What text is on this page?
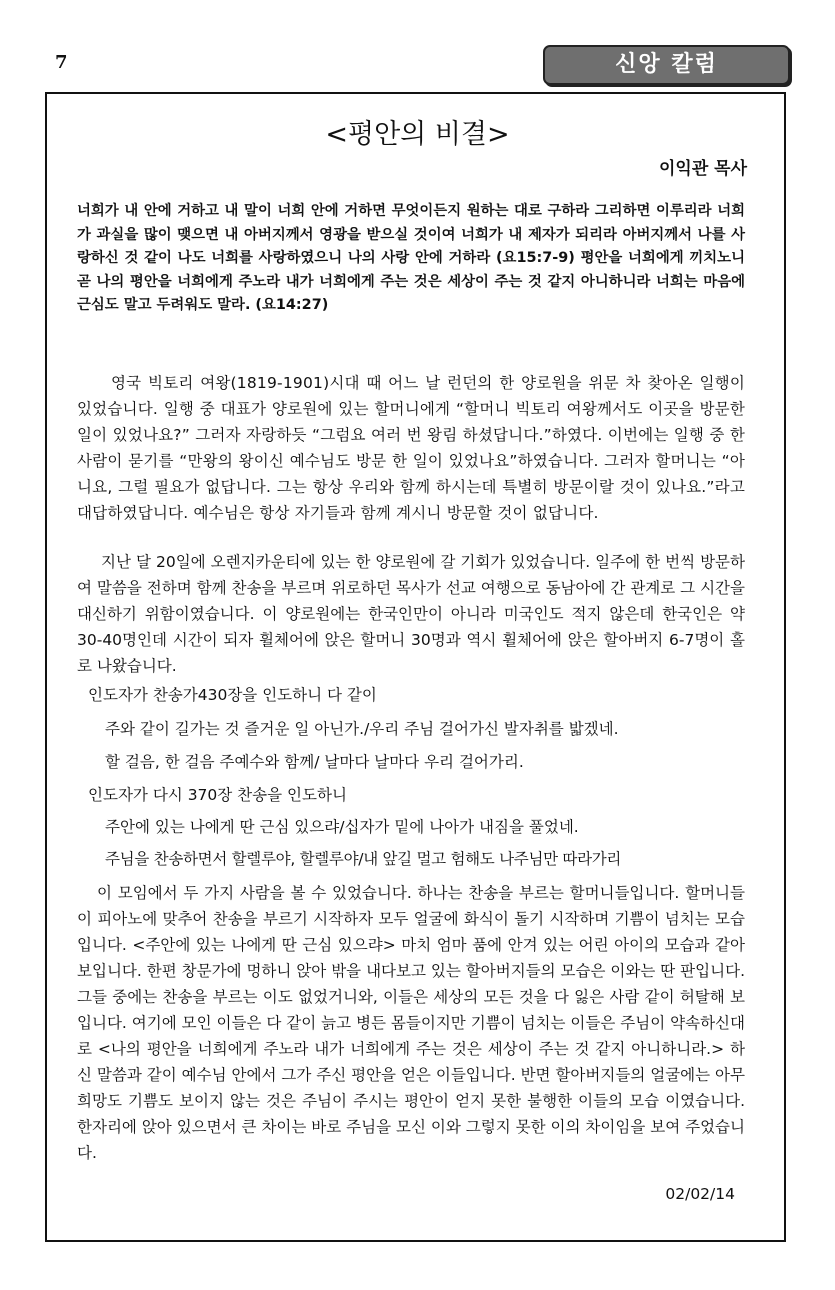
7	신앙 칼럼
<평안의 비결>
이익관 목사
너희가 내 안에 거하고 내 말이 너희 안에 거하면 무엇이든지 원하는 대로 구하라 그리하면 이루리라 너희가 과실을 많이 맺으면 내 아버지께서 영광을 받으실 것이여 너희가 내 제자가 되리라 아버지께서 나를 사랑하신 것 같이 나도 너희를 사랑하였으니 나의 사랑 안에 거하라 (요15:7-9) 평안을 너희에게 끼치노니 곧 나의 평안을 너희에게 주노라 내가 너희에게 주는 것은 세상이 주는 것 같지 아니하니라 너희는 마음에 근심도 말고 두려워도 말라. (요14:27)
영국 빅토리 여왕(1819-1901)시대 때 어느 날 런던의 한 양로원을 위문 차 찾아온 일행이 있었습니다. 일행 중 대표가 양로원에 있는 할머니에게 “할머니 빅토리 여왕께서도 이곳을 방문한 일이 있었나요?” 그러자 자랑하듯 “그럼요 여러 번 왕림 하셨답니다.”하였다. 이번에는 일행 중 한 사람이 묻기를 “만왕의 왕이신 예수님도 방문 한 일이 있었나요”하였습니다. 그러자 할머니는 “아니요, 그럴 필요가 없답니다. 그는 항상 우리와 함께 하시는데 특별히 방문이랄 것이 있나요.”라고 대답하였답니다. 예수님은 항상 자기들과 함께 계시니 방문할 것이 없답니다.
지난 달 20일에 오렌지카운티에 있는 한 양로원에 갈 기회가 있었습니다. 일주에 한 번씩 방문하여 말씀을 전하며 함께 찬송을 부르며 위로하던 목사가 선교 여행으로 동남아에 간 관계로 그 시간을 대신하기 위함이였습니다. 이 양로원에는 한국인만이 아니라 미국인도 적지 않은데 한국인은 약 30-40명인데 시간이 되자 휠체어에 앉은 할머니 30명과 역시 휠체어에 앉은 할아버지 6-7명이 홀로 나왔습니다.
인도자가 찬송가430장을 인도하니 다 같이
주와 같이 길가는 것 즐거운 일 아닌가./우리 주님 걸어가신 발자취를 밟겠네.
할 걸음, 한 걸음 주예수와 함께/ 날마다 날마다 우리 걸어가리.
인도자가 다시 370장 찬송을 인도하니
주안에 있는 나에게 딴 근심 있으랴/십자가 밑에 나아가 내짐을 풀었네.
주님을 찬송하면서 할렐루야, 할렐루야/내 앞길 멀고 험해도 나주님만 따라가리
이 모임에서 두 가지 사람을 볼 수 있었습니다. 하나는 찬송을 부르는 할머니들입니다. 할머니들이 피아노에 맞추어 찬송을 부르기 시작하자 모두 얼굴에 화식이 돌기 시작하며 기쁨이 넘치는 모습입니다. <주안에 있는 나에게 딴 근심 있으랴> 마치 엄마 품에 안겨 있는 어린 아이의 모습과 같아 보입니다. 한편 창문가에 멍하니 앉아 밖을 내다보고 있는 할아버지들의 모습은 이와는 딴 판입니다. 그들 중에는 찬송을 부르는 이도 없었거니와, 이들은 세상의 모든 것을 다 잃은 사람 같이 허탈해 보입니다. 여기에 모인 이들은 다 같이 늙고 병든 몸들이지만 기쁨이 넘치는 이들은 주님이 약속하신대로 <나의 평안을 너희에게 주노라 내가 너희에게 주는 것은 세상이 주는 것 같지 아니하니라.> 하신 말씀과 같이 예수님 안에서 그가 주신 평안을 얻은 이들입니다. 반면 할아버지들의 얼굴에는 아무 희망도 기쁨도 보이지 않는 것은 주님이 주시는 평안이 얻지 못한 불행한 이들의 모습 이였습니다. 한자리에 앉아 있으면서 큰 차이는 바로 주님을 모신 이와 그렇지 못한 이의 차이임을 보여 주었습니다.
02/02/14
